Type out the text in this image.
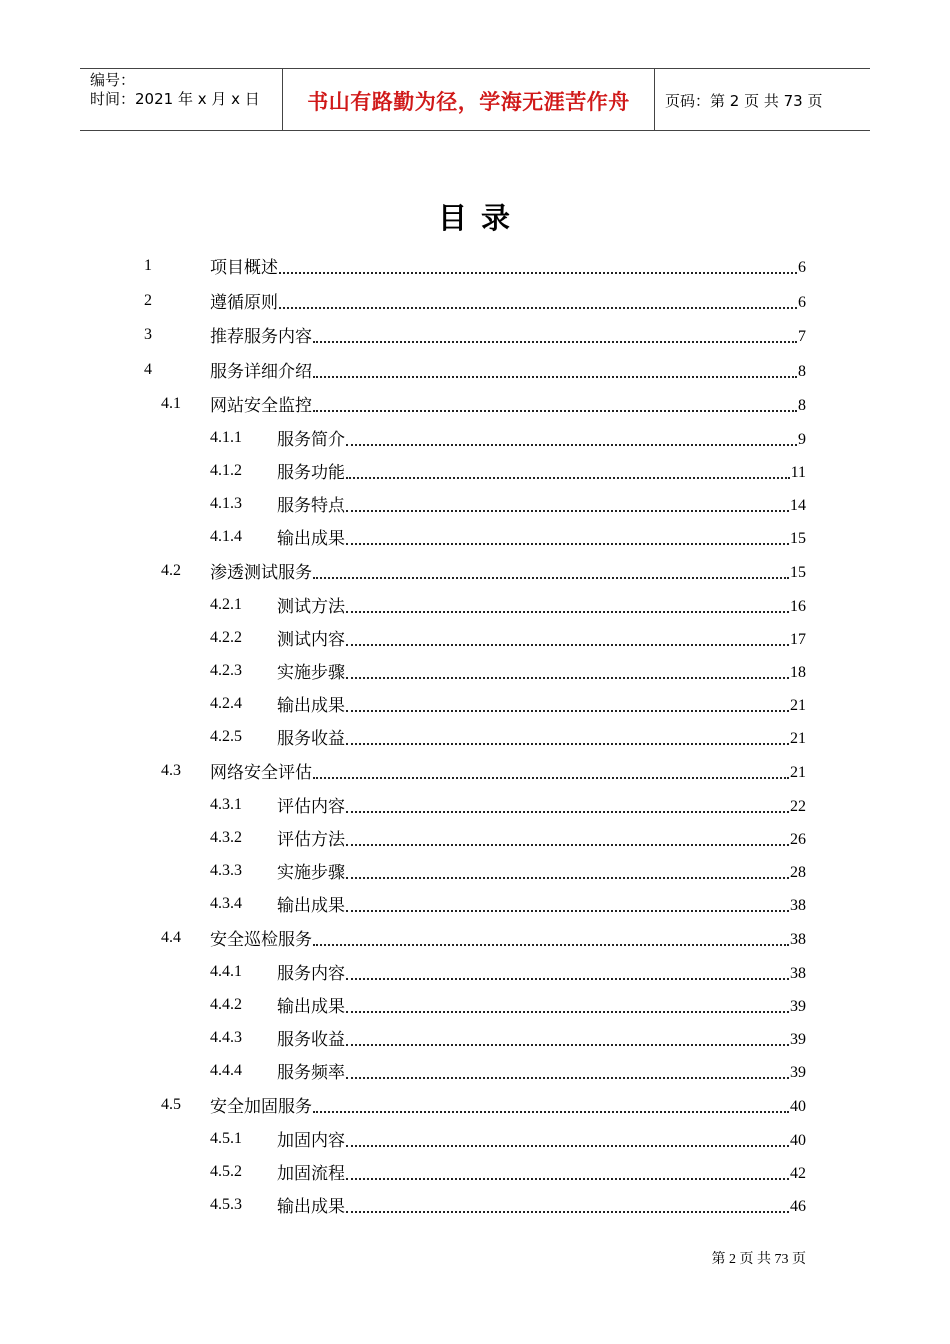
编号：
时间：2021 年 x 月 x 日	书山有路勤为径，学海无涯苦作舟	页码：第 2 页 共 73 页
目 录
1	项目概述	6
2	遵循原则	6
3	推荐服务内容	7
4	服务详细介绍	8
4.1 网站安全监控	8
4.1.1 服务简介	9
4.1.2 服务功能	11
4.1.3 服务特点	14
4.1.4 输出成果	15
4.2 渗透测试服务	15
4.2.1 测试方法	16
4.2.2 测试内容	17
4.2.3 实施步骤	18
4.2.4 输出成果	21
4.2.5 服务收益	21
4.3 网络安全评估	21
4.3.1 评估内容	22
4.3.2 评估方法	26
4.3.3 实施步骤	28
4.3.4 输出成果	38
4.4 安全巡检服务	38
4.4.1 服务内容	38
4.4.2 输出成果	39
4.4.3 服务收益	39
4.4.4 服务频率	39
4.5 安全加固服务	40
4.5.1 加固内容	40
4.5.2 加固流程	42
4.5.3 输出成果	46
第 2 页 共 73 页
